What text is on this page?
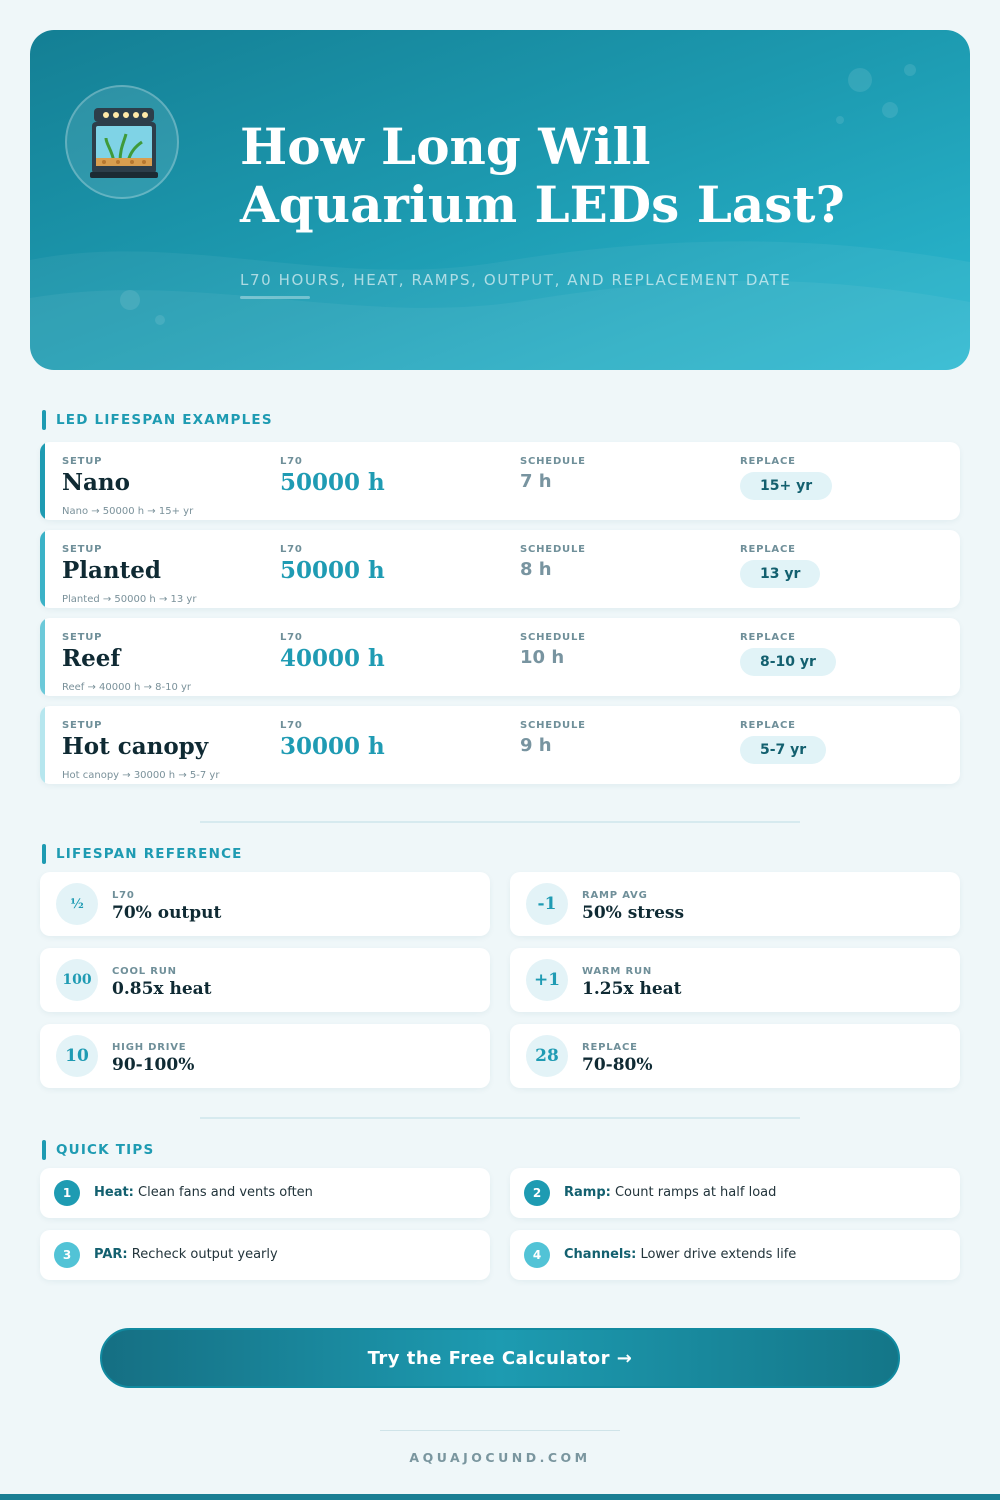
How Long Will Aquarium LEDs Last?
L70 HOURS, HEAT, RAMPS, OUTPUT, AND REPLACEMENT DATE
LED LIFESPAN EXAMPLES
SETUP
Nano
L70
50000 h
SCHEDULE
7 h
REPLACE
15+ yr
Nano → 50000 h → 15+ yr
SETUP
Planted
L70
50000 h
SCHEDULE
8 h
REPLACE
13 yr
Planted → 50000 h → 13 yr
SETUP
Reef
L70
40000 h
SCHEDULE
10 h
REPLACE
8-10 yr
Reef → 40000 h → 8-10 yr
SETUP
Hot canopy
L70
30000 h
SCHEDULE
9 h
REPLACE
5-7 yr
Hot canopy → 30000 h → 5-7 yr
LIFESPAN REFERENCE
½
L70
70% output	-1	RAMP AVG
50% stress
100
COOL RUN
0.85x heat	+1	WARM RUN
1.25x heat
10	HIGH DRIVE
90-100%	28	REPLACE
70-80%
QUICK TIPS
1	Heat: Clean fans and vents often	2	Ramp: Count ramps at half load
3	PAR: Recheck output yearly	4	Channels: Lower drive extends life
Try the Free Calculator →
AQUAJOCUND.COM
